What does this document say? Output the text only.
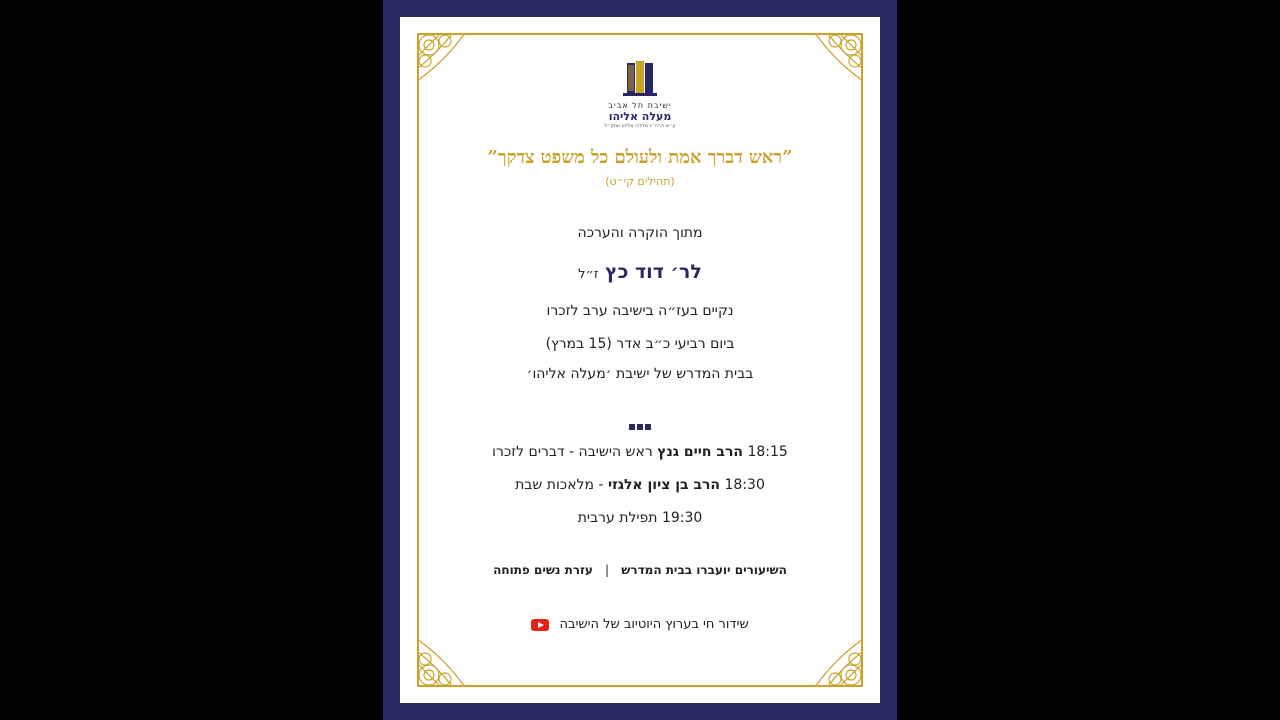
ישיבת תל אביב
מעלה אליהו
ע״ש הרה״ג מרדכי אליהו זצוק״ל
”ראש דברך אמת ולעולם כל משפט צדקך”
(תהילים קי״ט)
מתוך הוקרה והערכה
לר׳ דוד כץ ז״ל
נקיים בעז״ה בישיבה ערב לזכרו
ביום רביעי כ״ב אדר (15 במרץ)
בבית המדרש של ישיבת ׳מעלה אליהו׳
18:15 הרב חיים גנץ ראש הישיבה - דברים לזכרו
18:30 הרב בן ציון אלגזי - מלאכות שבת
19:30 תפילת ערבית
השיעורים יועברו בבית המדרש | עזרת נשים פתוחה
שידור חי בערוץ היוטיוב של הישיבה
